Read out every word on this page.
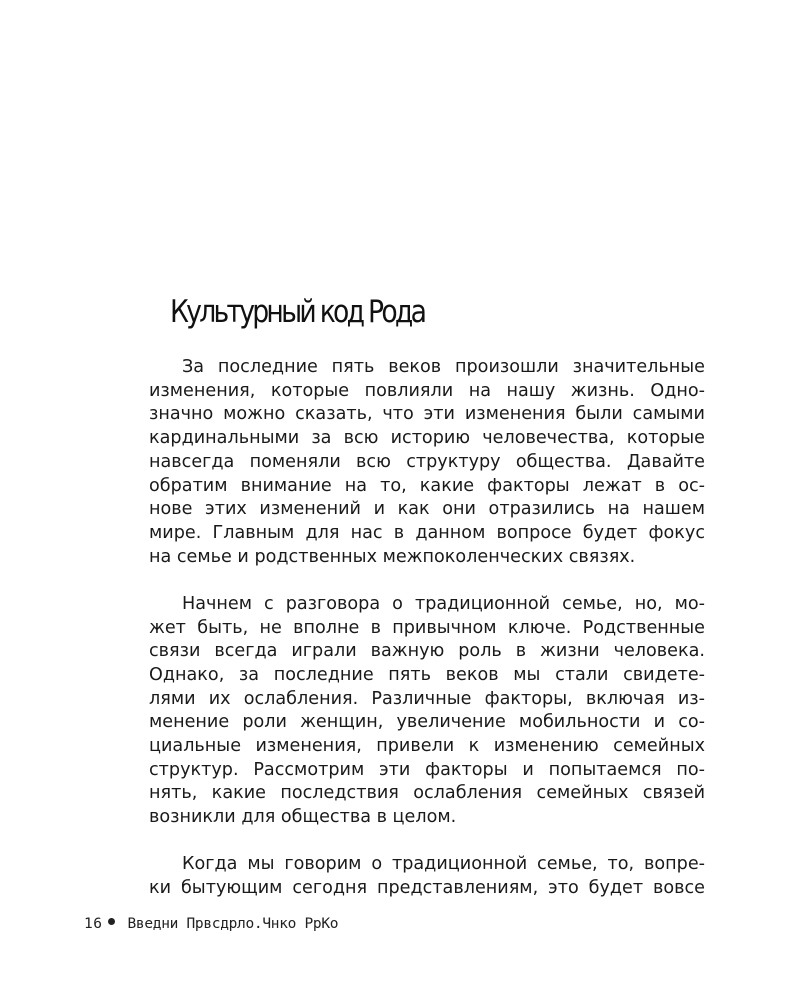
Культурный код Рода
За последние пять веков произошли значительные
изменения, которые повлияли на нашу жизнь. Одно-
значно можно сказать, что эти изменения были самыми
кардинальными за всю историю человечества, которые
навсегда поменяли всю структуру общества. Давайте
обратим внимание на то, какие факторы лежат в ос-
нове этих изменений и как они отразились на нашем
мире. Главным для нас в данном вопросе будет фокус
на семье и родственных межпоколенческих связях.
Начнем с разговора о традиционной семье, но, мо-
жет быть, не вполне в привычном ключе. Родственные
связи всегда играли важную роль в жизни человека.
Однако, за последние пять веков мы стали свидете-
лями их ослабления. Различные факторы, включая из-
менение роли женщин, увеличение мобильности и со-
циальные изменения, привели к изменению семейных
структур. Рассмотрим эти факторы и попытаемся по-
нять, какие последствия ослабления семейных связей
возникли для общества в целом.
Когда мы говорим о традиционной семье, то, вопре-
ки бытующим сегодня представлениям, это будет вовсе
16 Введни Првсдрло.Чнко РрКо
